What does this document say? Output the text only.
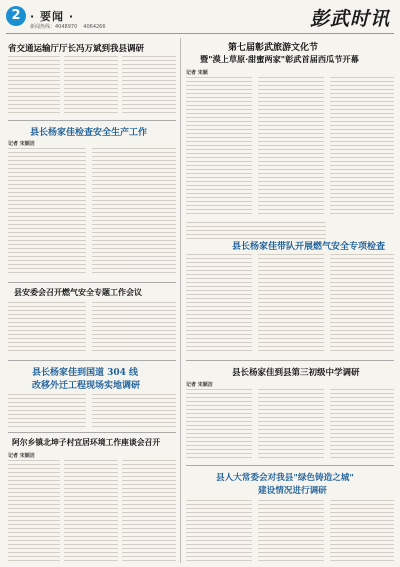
2 · 要闻 ·
新闻热线：4048970 4064266	彭武时讯
省交通运输厅厅长冯万斌到我县调研
县长杨家佳检查安全生产工作
记者 宋颖洁
县安委会召开燃气安全专题工作会议
县长杨家佳到国道 304 线
改移外迁工程现场实地调研
阿尔乡镇北坤子村宜居环境工作座谈会召开
记者 宋颖洁
第七届彰武旅游文化节
暨"漠上草原·甜蜜两家"彰武首届西瓜节开幕
记者 宋颖
县长杨家佳带队开展燃气安全专项检查
县长杨家佳到县第三初级中学调研
记者 宋颖洁
县人大常委会对我县"绿色铸造之城"
建设情况进行调研
